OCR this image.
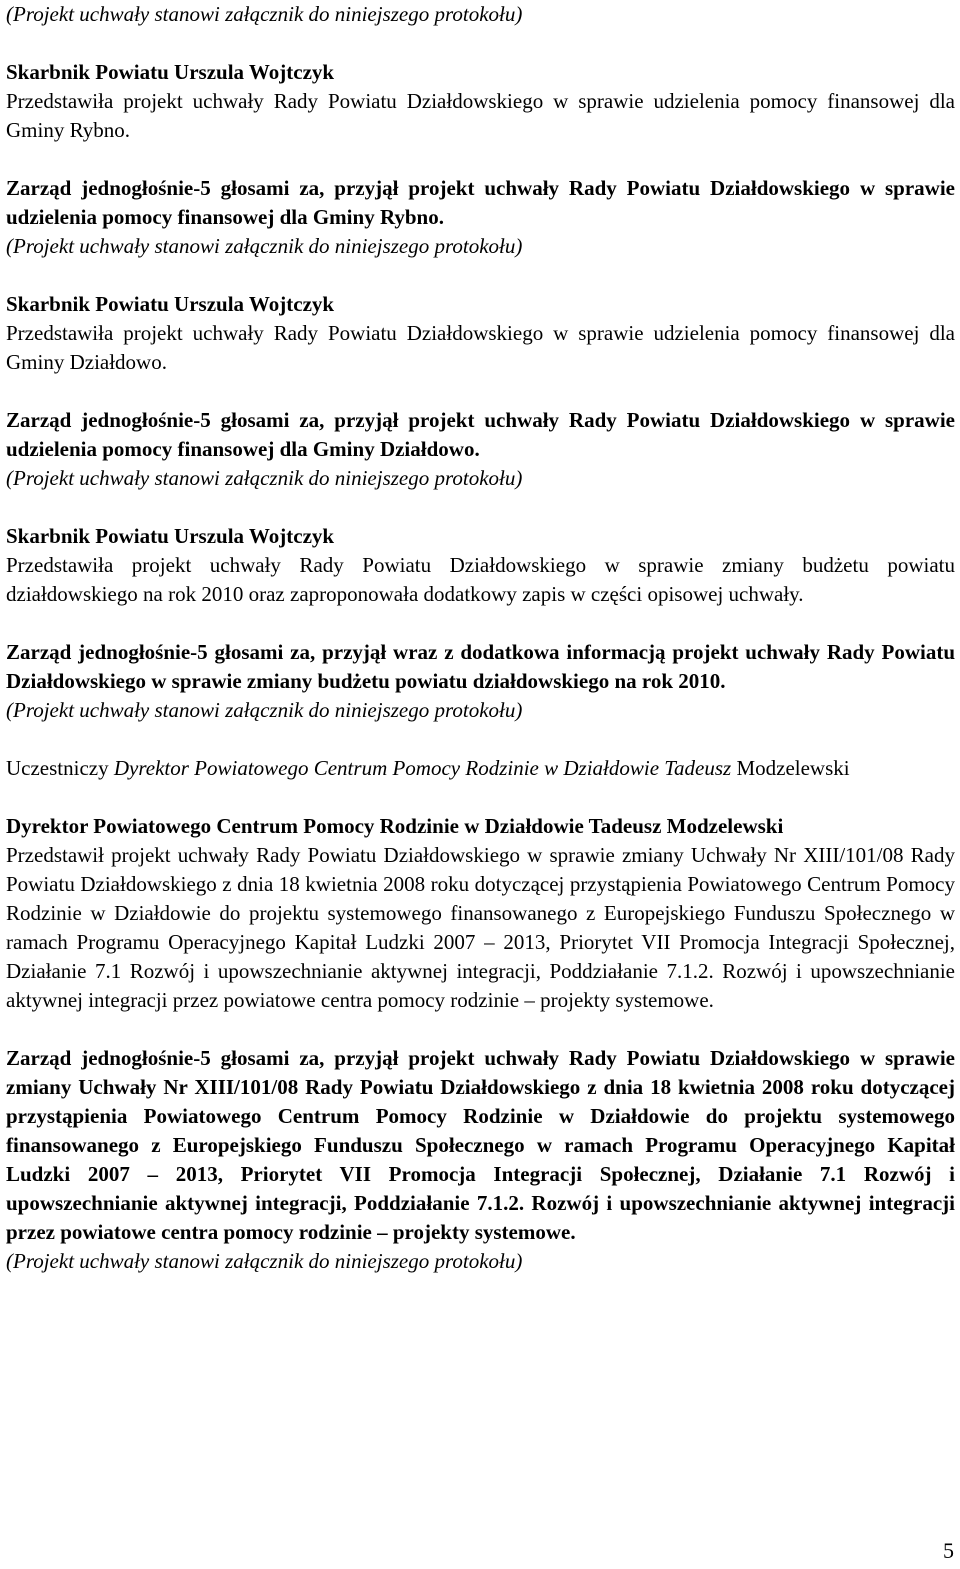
(Projekt uchwały stanowi załącznik do niniejszego protokołu)

Skarbnik Powiatu Urszula Wojtczyk

Przedstawiła projekt uchwały Rady Powiatu Działdowskiego w sprawie udzielenia pomocy finansowej dla Gminy Rybno.

Zarząd jednogłośnie-5 głosami za, przyjął projekt uchwały Rady Powiatu Działdowskiego w sprawie udzielenia pomocy finansowej dla Gminy Rybno.

(Projekt uchwały stanowi załącznik do niniejszego protokołu)

Skarbnik Powiatu Urszula Wojtczyk

Przedstawiła projekt uchwały Rady Powiatu Działdowskiego w sprawie udzielenia pomocy finansowej dla Gminy Działdowo.

Zarząd jednogłośnie-5 głosami za, przyjął projekt uchwały Rady Powiatu Działdowskiego w sprawie udzielenia pomocy finansowej dla Gminy Działdowo.

(Projekt uchwały stanowi załącznik do niniejszego protokołu)

Skarbnik Powiatu Urszula Wojtczyk

Przedstawiła projekt uchwały Rady Powiatu Działdowskiego w sprawie zmiany budżetu powiatu działdowskiego na rok 2010 oraz zaproponowała dodatkowy zapis w części opisowej uchwały.

Zarząd jednogłośnie-5 głosami za, przyjął wraz z dodatkowa informacją projekt uchwały Rady Powiatu Działdowskiego w sprawie zmiany budżetu powiatu działdowskiego na rok 2010.

(Projekt uchwały stanowi załącznik do niniejszego protokołu)

Uczestniczy Dyrektor Powiatowego Centrum Pomocy Rodzinie w Działdowie Tadeusz Modzelewski

Dyrektor Powiatowego Centrum Pomocy Rodzinie w Działdowie Tadeusz Modzelewski

Przedstawił projekt uchwały Rady Powiatu Działdowskiego w sprawie zmiany Uchwały Nr XIII/101/08 Rady Powiatu Działdowskiego z dnia 18 kwietnia 2008 roku dotyczącej przystąpienia Powiatowego Centrum Pomocy Rodzinie w Działdowie do projektu systemowego finansowanego z Europejskiego Funduszu Społecznego w ramach Programu Operacyjnego Kapitał Ludzki 2007 – 2013, Priorytet VII Promocja Integracji Społecznej, Działanie 7.1 Rozwój i upowszechnianie aktywnej integracji, Poddziałanie 7.1.2. Rozwój i upowszechnianie aktywnej integracji przez powiatowe centra pomocy rodzinie – projekty systemowe.

Zarząd jednogłośnie-5 głosami za, przyjął projekt uchwały Rady Powiatu Działdowskiego w sprawie zmiany Uchwały Nr XIII/101/08 Rady Powiatu Działdowskiego z dnia 18 kwietnia 2008 roku dotyczącej przystąpienia Powiatowego Centrum Pomocy Rodzinie w Działdowie do projektu systemowego finansowanego z Europejskiego Funduszu Społecznego w ramach Programu Operacyjnego Kapitał Ludzki 2007 – 2013, Priorytet VII Promocja Integracji Społecznej, Działanie 7.1 Rozwój i upowszechnianie aktywnej integracji, Poddziałanie 7.1.2. Rozwój i upowszechnianie aktywnej integracji przez powiatowe centra pomocy rodzinie – projekty systemowe.

(Projekt uchwały stanowi załącznik do niniejszego protokołu)

5
